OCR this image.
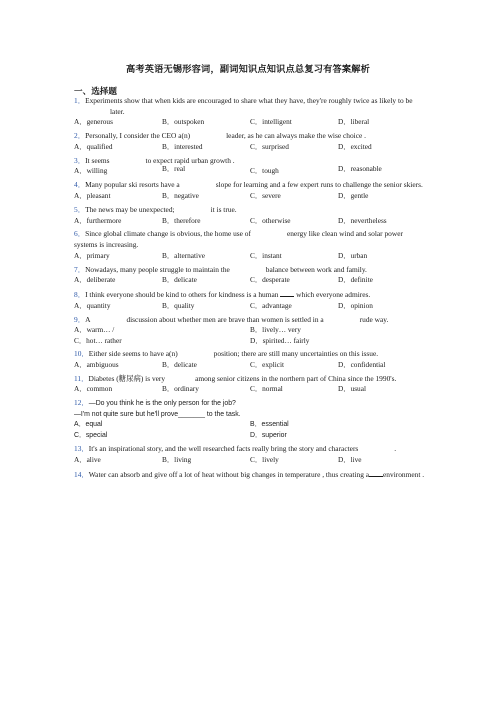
高考英语无锡形容词，副词知识点知识点总复习有答案解析
一、选择题

1．Experiments show that when kids are encouraged to share what they have, they're roughly twice as likely to belater.

A．generous	B．outspoken	C．intelligent	D．liberal

2．Personally, I consider the CEO a(n)	leader, as he can always make the wise choice .

A．qualified	B．interested	C．surprised	D．excited

3．It seems	to expect rapid urban growth .

A．willing	B．real	C．tough	D．reasonable

4．Many popular ski resorts have a	slope for learning and a few expert runs to challenge the senior skiers.

A．pleasant	B．negative	C．severe	D．gentle

5．The news may be unexpected;	it is true.

A．furthermore	B．therefore	C．otherwise	D．nevertheless

6．Since global climate change is obvious, the home use of	energy like clean wind and solar power systems is increasing.

A．primary	B．alternative	C．instant	D．urban

7．Nowadays, many people struggle to maintain the	balance between work and family.

A．deliberate	B．delicate	C．desperate	D．definite

8．I think everyone should be kind to others for kindness is a human which everyone admires.

A．quantity	B．quality	C．advantage	D．opinion

9．A	discussion about whether men are brave than women is settled in a	rude way.

A．warm… /	B．lively… very
C．hot… rather	D．spirited… fairly

10．Either side seems to have a(n)	position; there are still many uncertainties on this issue.

A．ambiguous	B．delicate	C．explicit	D．confidential

11．Diabetes (糖尿病) is very	among senior citizens in the northern part of China since the 1990's.

A．common	B．ordinary	C．normal	D．usual

12．—Do you think he is the only person for the job?

—I'm not quite sure but he'll prove_______ to the task.

A．equal	B．essential
C．special	D．superior

13．It's an inspirational story, and the well researched facts really bring the story and characters	.

A．alive	B．living	C．lively	D．live

14．Water can absorb and give off a lot of heat without big changes in temperature , thus creating a environment .
